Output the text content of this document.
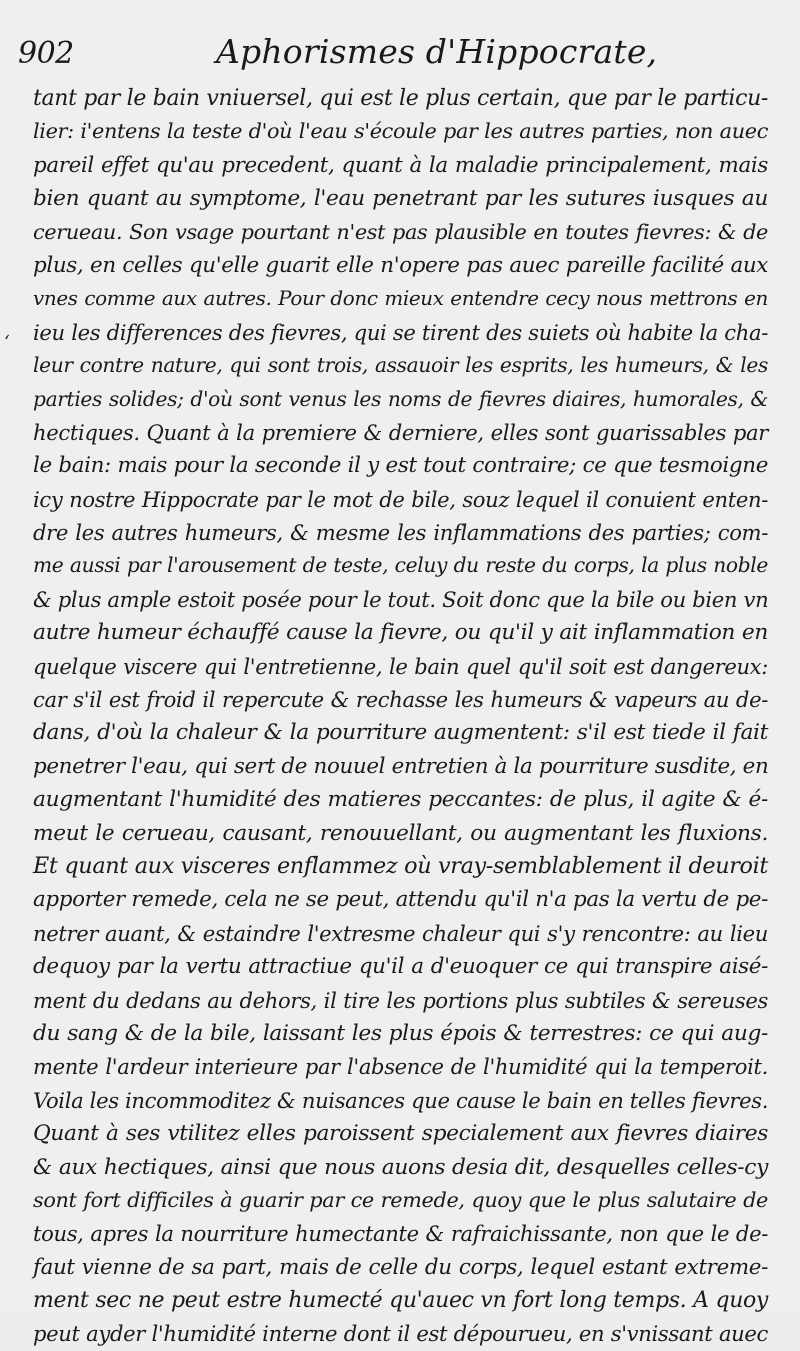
902	Aphorismes d'Hippocrate,
‘
tant par le bain vniuersel, qui est le plus certain, que par le particu-
lier: i'entens la teste d'où l'eau s'écoule par les autres parties, non auec
pareil effet qu'au precedent, quant à la maladie principalement, mais
bien quant au symptome, l'eau penetrant par les sutures iusques au
cerueau. Son vsage pourtant n'est pas plausible en toutes fievres: & de
plus, en celles qu'elle guarit elle n'opere pas auec pareille facilité aux
vnes comme aux autres. Pour donc mieux entendre cecy nous mettrons en
ieu les differences des fievres, qui se tirent des suiets où habite la cha-
leur contre nature, qui sont trois, assauoir les esprits, les humeurs, & les
parties solides; d'où sont venus les noms de fievres diaires, humorales, &
hectiques. Quant à la premiere & derniere, elles sont guarissables par
le bain: mais pour la seconde il y est tout contraire; ce que tesmoigne
icy nostre Hippocrate par le mot de bile, souz lequel il conuient enten-
dre les autres humeurs, & mesme les inflammations des parties; com-
me aussi par l'arousement de teste, celuy du reste du corps, la plus noble
& plus ample estoit posée pour le tout. Soit donc que la bile ou bien vn
autre humeur échauffé cause la fievre, ou qu'il y ait inflammation en
quelque viscere qui l'entretienne, le bain quel qu'il soit est dangereux:
car s'il est froid il repercute & rechasse les humeurs & vapeurs au de-
dans, d'où la chaleur & la pourriture augmentent: s'il est tiede il fait
penetrer l'eau, qui sert de nouuel entretien à la pourriture susdite, en
augmentant l'humidité des matieres peccantes: de plus, il agite & é-
meut le cerueau, causant, renouuellant, ou augmentant les fluxions.
Et quant aux visceres enflammez où vray-semblablement il deuroit
apporter remede, cela ne se peut, attendu qu'il n'a pas la vertu de pe-
netrer auant, & estaindre l'extresme chaleur qui s'y rencontre: au lieu
dequoy par la vertu attractiue qu'il a d'euoquer ce qui transpire aisé-
ment du dedans au dehors, il tire les portions plus subtiles & sereuses
du sang & de la bile, laissant les plus épois & terrestres: ce qui aug-
mente l'ardeur interieure par l'absence de l'humidité qui la temperoit.
Voila les incommoditez & nuisances que cause le bain en telles fievres.
Quant à ses vtilitez elles paroissent specialement aux fievres diaires
& aux hectiques, ainsi que nous auons desia dit, desquelles celles-cy
sont fort difficiles à guarir par ce remede, quoy que le plus salutaire de
tous, apres la nourriture humectante & rafraichissante, non que le de-
faut vienne de sa part, mais de celle du corps, lequel estant extreme-
ment sec ne peut estre humecté qu'auec vn fort long temps. A quoy
peut ayder l'humidité interne dont il est dépourueu, en s'vnissant auec
